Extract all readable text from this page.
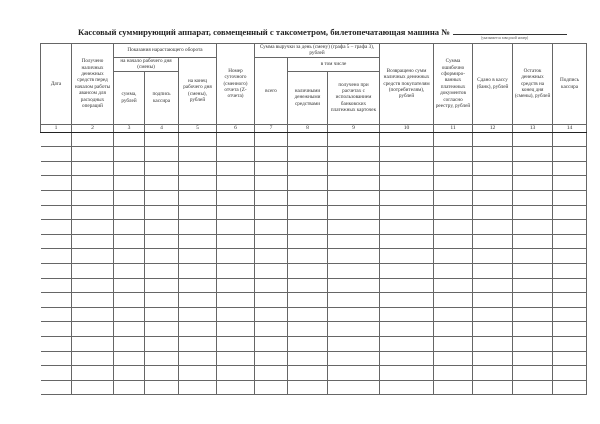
Кассовый суммирующий аппарат, совмещенный с таксометром, билетопечатающая машина №
(указывается заводской номер)
Дата	Получено наличных денежных средств перед началом работы авансом для расходных операций	Показания нарастающего оборота			Номер суточного (сменного) отчета (Z-отчета)	Сумма выручки за день (смену) (графа 5 – графа 3), рублей			Возвращено сумм наличных денежных средств покупателям (потребителям), рублей	Сумма ошибочно сформиро-ванных платежных документов согласно реестру, рублей	Сдано в кассу (банк), рублей	Остаток денежных средств на конец дня (смены), рублей	Подпись кассира
		на начало рабочего дня (смены)		на конец рабочего дня (смены), рублей		всего	в том числе						
		сумма, рублей	подпись кассира				наличными денежными средствами	получено при расчетах с использованием банковских платежных карточек					
1	2	3	4	5	6	7	8	9	10	11	12	13	14
